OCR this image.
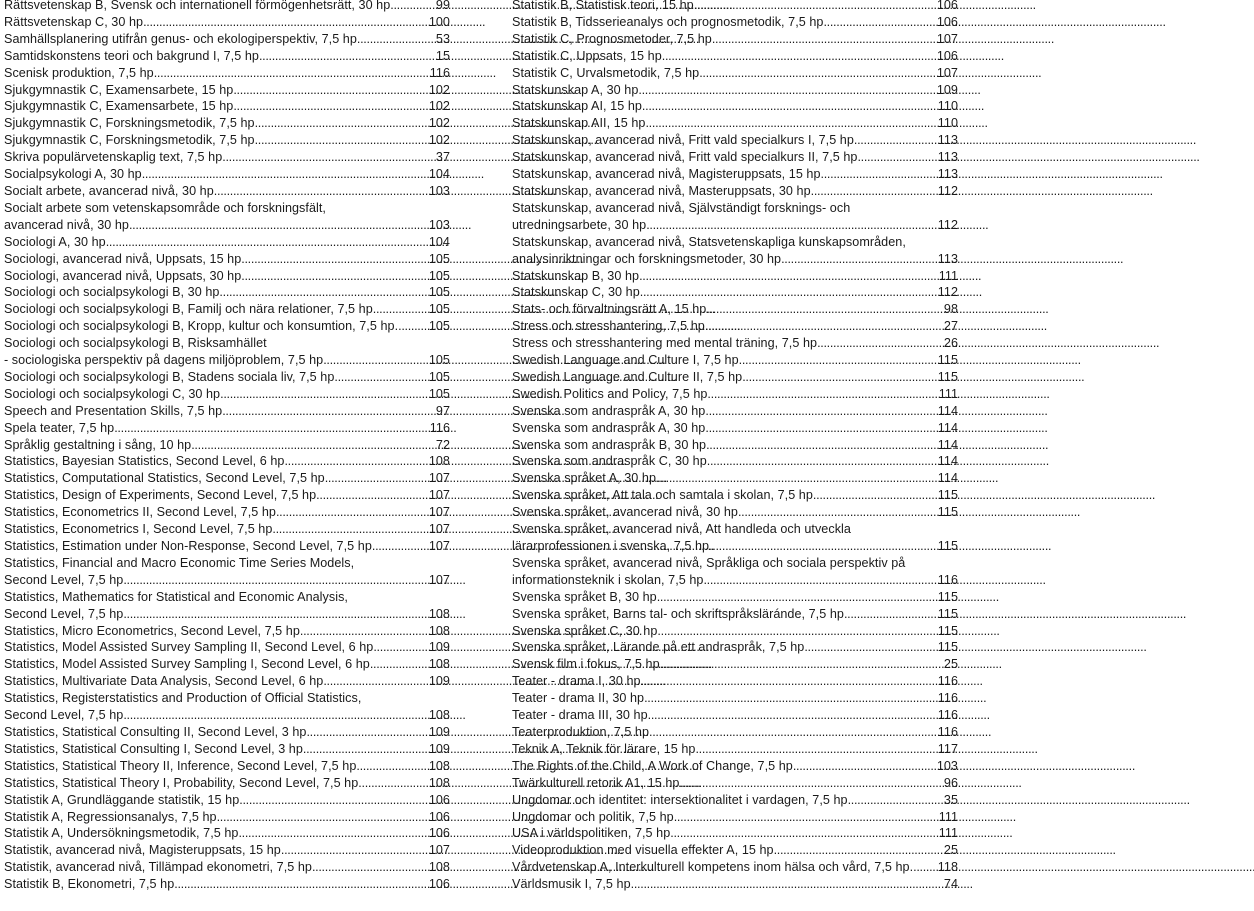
Rättsvetenskap B, Svensk och internationell förmögenhetsrätt, 30 hp . . .	99
Rättsvetenskap C, 30 hp . . .	100
Samhällsplanering utifrån genus- och ekologiperspektiv, 7,5 hp . . .	53
Samtidskonstens teori och bakgrund I, 7,5 hp . . .	15
Scenisk produktion, 7,5 hp . . .	116
Sjukgymnastik C, Examensarbete, 15 hp . . .	102
Sjukgymnastik C, Examensarbete, 15 hp . . .	102
Sjukgymnastik C, Forskningsmetodik, 7,5 hp . . .	102
Sjukgymnastik C, Forskningsmetodik, 7,5 hp . . .	102
Skriva populärvetenskaplig text, 7,5 hp . . .	37
Socialpsykologi A, 30 hp . . .	104
Socialt arbete, avancerad nivå, 30 hp . . .	103
Socialt arbete som vetenskapsområde och forskningsfält,
avancerad nivå, 30 hp . . .	103
Sociologi A, 30 hp . . .	104
Sociologi, avancerad nivå, Uppsats, 15 hp . . .	105
Sociologi, avancerad nivå, Uppsats, 30 hp . . .	105
Sociologi och socialpsykologi B, 30 hp . . .	105
Sociologi och socialpsykologi B, Familj och nära relationer, 7,5 hp . . .	105
Sociologi och socialpsykologi B, Kropp, kultur och konsumtion, 7,5 hp. . . . 105
Sociologi och socialpsykologi B, Risksamhället
- sociologiska perspektiv på dagens miljöproblem, 7,5 hp . . .	105
Sociologi och socialpsykologi B, Stadens sociala liv, 7,5 hp . . .	105
Sociologi och socialpsykologi C, 30 hp . . .	105
Speech and Presentation Skills, 7,5 hp . . .	97
Spela teater, 7,5 hp . . .	116
Språklig gestaltning i sång, 10 hp . . .	72
Statistics, Bayesian Statistics, Second Level, 6 hp . . .	108
Statistics, Computational Statistics, Second Level, 7,5 hp . . .	107
Statistics, Design of Experiments, Second Level, 7,5 hp . . .	107
Statistics, Econometrics II, Second Level, 7,5 hp . . .	107
Statistics, Econometrics I, Second Level, 7,5 hp . . .	107
Statistics, Estimation under Non-Response, Second Level, 7,5 hp . . .	107
Statistics, Financial and Macro Economic Time Series Models,
Second Level, 7,5 hp . . .	107
Statistics, Mathematics for Statistical and Economic Analysis,
Second Level, 7,5 hp . . .	108
Statistics, Micro Econometrics, Second Level, 7,5 hp . . .	108
Statistics, Model Assisted Survey Sampling II, Second Level, 6 hp . . .	109
Statistics, Model Assisted Survey Sampling I, Second Level, 6 hp . . .	108
Statistics, Multivariate Data Analysis, Second Level, 6 hp . . .	109
Statistics, Registerstatistics and Production of Official Statistics,
Second Level, 7,5 hp . . .	108
Statistics, Statistical Consulting II, Second Level, 3 hp . . .	109
Statistics, Statistical Consulting I, Second Level, 3 hp . . .	109
Statistics, Statistical Theory II, Inference, Second Level, 7,5 hp . . .	108
Statistics, Statistical Theory I, Probability, Second Level, 7,5 hp . . .	108
Statistik A, Grundläggande statistik, 15 hp . . .	106
Statistik A, Regressionsanalys, 7,5 hp . . .	106
Statistik A, Undersökningsmetodik, 7,5 hp . . .	106
Statistik, avancerad nivå, Magisteruppsats, 15 hp . . .	107
Statistik, avancerad nivå, Tillämpad ekonometri, 7,5 hp . . .	108
Statistik B, Ekonometri, 7,5 hp . . .	106
Statistik B, Statistisk teori, 15 hp . . .	106
Statistik B, Tidsserieanalys och prognosmetodik, 7,5 hp . . .	106
Statistik C, Prognosmetoder, 7,5 hp . . .	107
Statistik C, Uppsats, 15 hp . . .	106
Statistik C, Urvalsmetodik, 7,5 hp . . .	107
Statskunskap A, 30 hp . . .	109
Statskunskap AI, 15 hp . . .	110
Statskunskap AII, 15 hp . . .	110
Statskunskap, avancerad nivå, Fritt vald specialkurs I, 7,5 hp . . .	113
Statskunskap, avancerad nivå, Fritt vald specialkurs II, 7,5 hp . . .	113
Statskunskap, avancerad nivå, Magisteruppsats, 15 hp . . .	113
Statskunskap, avancerad nivå, Masteruppsats, 30 hp . . .	112
Statskunskap, avancerad nivå, Självständigt forsknings- och
utredningsarbete, 30 hp . . .	112
Statskunskap, avancerad nivå, Statsvetenskapliga kunskapsområden,
analysinriktningar och forskningsmetoder, 30 hp . . .	113
Statskunskap B, 30 hp . . .	111
Statskunskap C, 30 hp . . .	112
Stats- och förvaltningsrätt A, 15 hp . . .	98
Stress och stresshantering, 7,5 hp . . .	27
Stress och stresshantering med mental träning, 7,5 hp . . .	26
Swedish Language and Culture I, 7,5 hp . . .	115
Swedish Language and Culture II, 7,5 hp . . .	115
Swedish Politics and Policy, 7,5 hp . . .	111
Svenska som andraspråk A, 30 hp . . .	114
Svenska som andraspråk A, 30 hp . . .	114
Svenska som andraspråk B, 30 hp . . .	114
Svenska som andraspråk C, 30 hp . . .	114
Svenska språket A, 30 hp . . .	114
Svenska språket, Att tala och samtala i skolan, 7,5 hp . . .	115
Svenska språket, avancerad nivå, 30 hp . . .	115
Svenska språket, avancerad nivå, Att handleda och utveckla
lärarprofessionen i svenska, 7,5 hp . . .	115
Svenska språket, avancerad nivå, Språkliga och sociala perspektiv på
informationsteknik i skolan, 7,5 hp . . .	116
Svenska språket B, 30 hp . . .	115
Svenska språket, Barns tal- och skriftspråksläránde, 7,5 hp . . .	115
Svenska språket C, 30 hp . . .	115
Svenska språket, Lärande på ett andraspråk, 7,5 hp . . .	115
Svensk film i fokus, 7,5 hp . . .	25
Teater - drama I, 30 hp . . .	116
Teater - drama II, 30 hp . . .	116
Teater - drama III, 30 hp . . .	116
Teaterproduktion, 7,5 hp . . .	116
Teknik A, Teknik för lärare, 15 hp . . .	117
The Rights of the Child, A Work of Change, 7,5 hp . . .	103
Twärkulturell retorik A1, 15 hp . . .	96
Ungdomar och identitet: intersektionalitet i vardagen, 7,5 hp . . .	35
Ungdomar och politik, 7,5 hp . . .	111
USA i världspolitiken, 7,5 hp . . .	111
Videoproduktion med visuella effekter A, 15 hp . . .	25
Vårdvetenskap A, Interkulturell kompetens inom hälsa och vård, 7,5 hp. . . . 118
Världsmusik I, 7,5 hp . . .	74
